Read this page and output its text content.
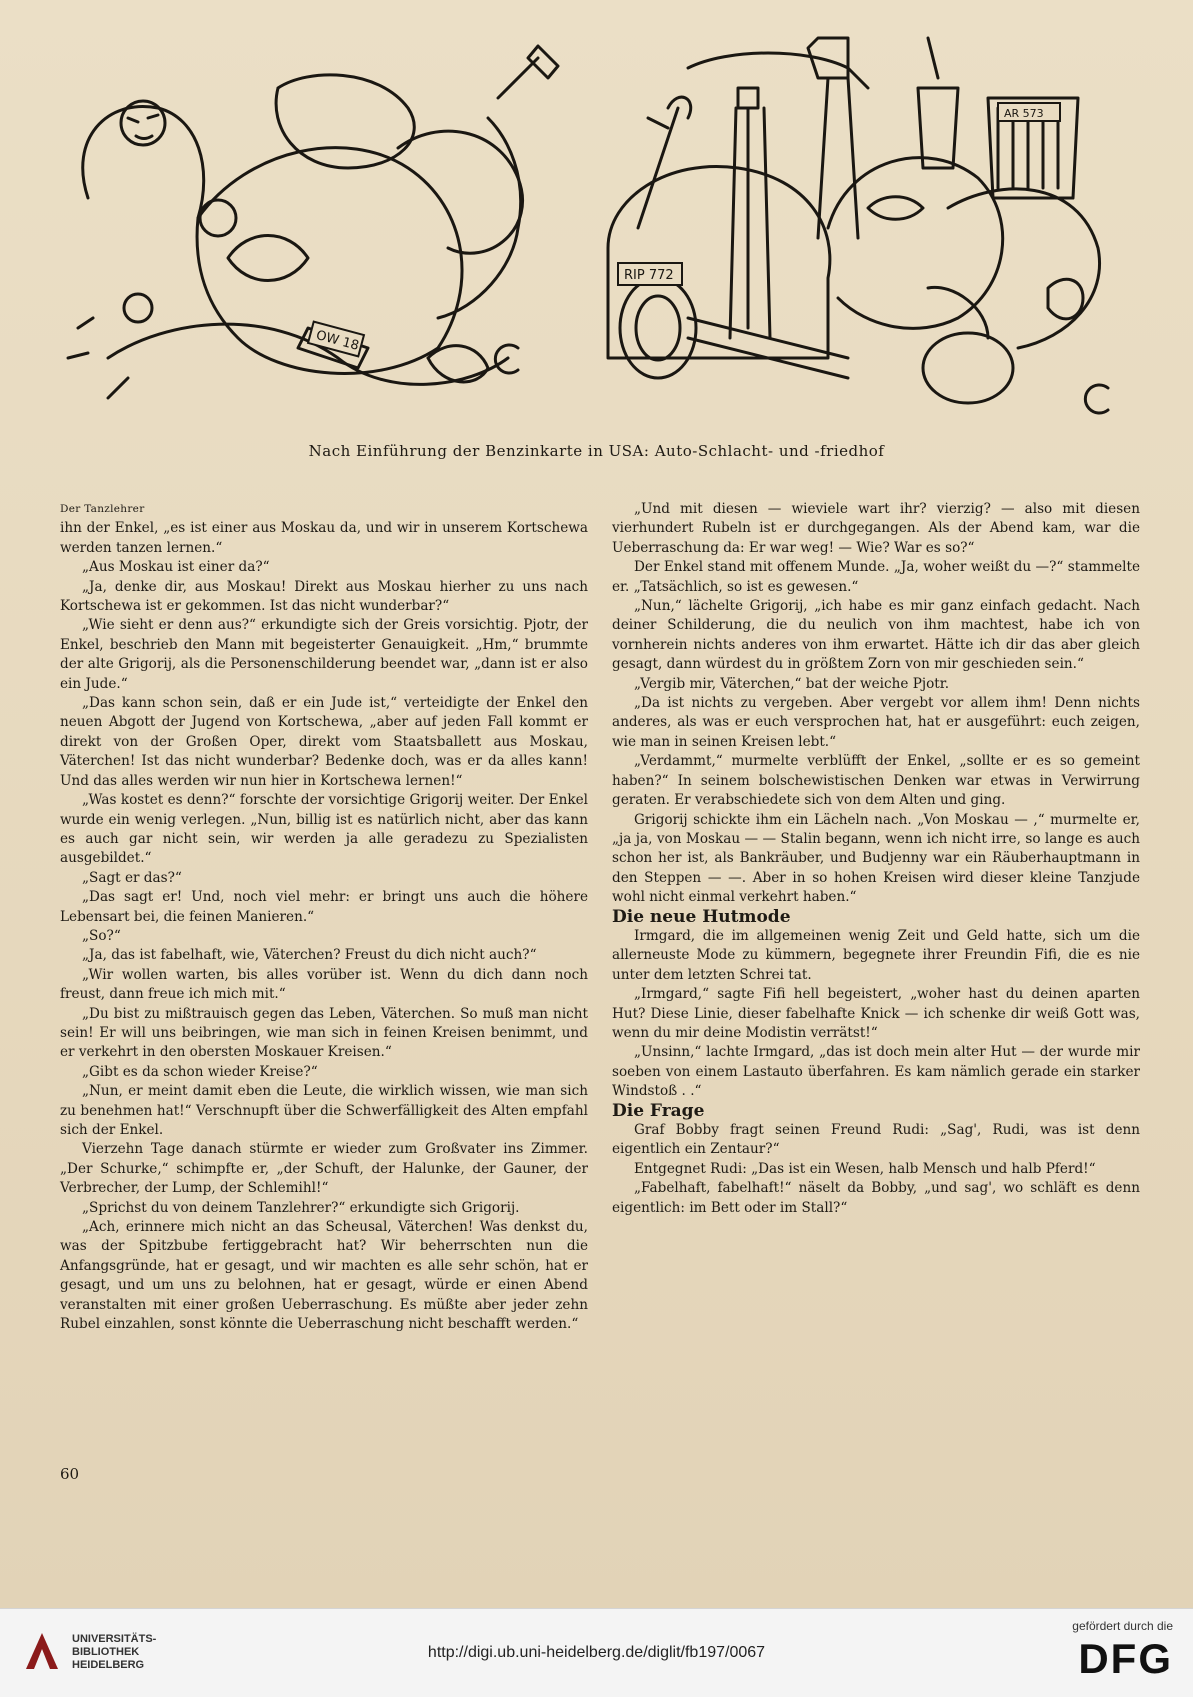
OW 18
RIP 772
AR 573
Nach Einführung der Benzinkarte in USA: Auto-Schlacht- und -friedhof

Der Tanzlehrer

ihn der Enkel, „es ist einer aus Moskau da, und wir in unserem Kortschewa werden tanzen lernen.“

„Aus Moskau ist einer da?“

„Ja, denke dir, aus Moskau! Direkt aus Moskau hierher zu uns nach Kortschewa ist er gekommen. Ist das nicht wunderbar?“

„Wie sieht er denn aus?“ erkundigte sich der Greis vorsichtig. Pjotr, der Enkel, beschrieb den Mann mit begeisterter Genauigkeit. „Hm,“ brummte der alte Grigorij, als die Personenschilderung beendet war, „dann ist er also ein Jude.“

„Das kann schon sein, daß er ein Jude ist,“ verteidigte der Enkel den neuen Abgott der Jugend von Kortschewa, „aber auf jeden Fall kommt er direkt von der Großen Oper, direkt vom Staatsballett aus Moskau, Väterchen! Ist das nicht wunderbar? Bedenke doch, was er da alles kann! Und das alles werden wir nun hier in Kortschewa lernen!“

„Was kostet es denn?“ forschte der vorsichtige Grigorij weiter. Der Enkel wurde ein wenig verlegen. „Nun, billig ist es natürlich nicht, aber das kann es auch gar nicht sein, wir werden ja alle geradezu zu Spezialisten ausgebildet.“

„Sagt er das?“

„Das sagt er! Und, noch viel mehr: er bringt uns auch die höhere Lebensart bei, die feinen Manieren.“

„So?“

„Ja, das ist fabelhaft, wie, Väterchen? Freust du dich nicht auch?“

„Wir wollen warten, bis alles vorüber ist. Wenn du dich dann noch freust, dann freue ich mich mit.“

„Du bist zu mißtrauisch gegen das Leben, Väterchen. So muß man nicht sein! Er will uns beibringen, wie man sich in feinen Kreisen benimmt, und er verkehrt in den obersten Moskauer Kreisen.“

„Gibt es da schon wieder Kreise?“

„Nun, er meint damit eben die Leute, die wirklich wissen, wie man sich zu benehmen hat!“ Verschnupft über die Schwerfälligkeit des Alten empfahl sich der Enkel.

Vierzehn Tage danach stürmte er wieder zum Großvater ins Zimmer. „Der Schurke,“ schimpfte er, „der Schuft, der Halunke, der Gauner, der Verbrecher, der Lump, der Schlemihl!“

„Sprichst du von deinem Tanzlehrer?“ erkundigte sich Grigorij.

„Ach, erinnere mich nicht an das Scheusal, Väterchen! Was denkst du, was der Spitzbube fertiggebracht hat? Wir beherrschten nun die Anfangsgründe, hat er gesagt, und wir machten es alle sehr schön, hat er gesagt, und um uns zu belohnen, hat er gesagt, würde er einen Abend veranstalten mit einer großen Ueberraschung. Es müßte aber jeder zehn Rubel einzahlen, sonst könnte die Ueberraschung nicht beschafft werden.“

60

„Und mit diesen — wieviele wart ihr? vierzig? — also mit diesen vierhundert Rubeln ist er durchgegangen. Als der Abend kam, war die Ueberraschung da: Er war weg! — Wie? War es so?“

Der Enkel stand mit offenem Munde. „Ja, woher weißt du —?“ stammelte er. „Tatsächlich, so ist es gewesen.“

„Nun,“ lächelte Grigorij, „ich habe es mir ganz einfach gedacht. Nach deiner Schilderung, die du neulich von ihm machtest, habe ich von vornherein nichts anderes von ihm erwartet. Hätte ich dir das aber gleich gesagt, dann würdest du in größtem Zorn von mir geschieden sein.“

„Vergib mir, Väterchen,“ bat der weiche Pjotr.

„Da ist nichts zu vergeben. Aber vergebt vor allem ihm! Denn nichts anderes, als was er euch versprochen hat, hat er ausgeführt: euch zeigen, wie man in seinen Kreisen lebt.“

„Verdammt,“ murmelte verblüfft der Enkel, „sollte er es so gemeint haben?“ In seinem bolschewistischen Denken war etwas in Verwirrung geraten. Er verabschiedete sich von dem Alten und ging.

Grigorij schickte ihm ein Lächeln nach. „Von Moskau — ,“ murmelte er, „ja ja, von Moskau — — Stalin begann, wenn ich nicht irre, so lange es auch schon her ist, als Bankräuber, und Budjenny war ein Räuberhauptmann in den Steppen — —. Aber in so hohen Kreisen wird dieser kleine Tanzjude wohl nicht einmal verkehrt haben.“

Die neue Hutmode

Irmgard, die im allgemeinen wenig Zeit und Geld hatte, sich um die allerneuste Mode zu kümmern, begegnete ihrer Freundin Fifi, die es nie unter dem letzten Schrei tat.

„Irmgard,“ sagte Fifi hell begeistert, „woher hast du deinen aparten Hut? Diese Linie, dieser fabelhafte Knick — ich schenke dir weiß Gott was, wenn du mir deine Modistin verrätst!“

„Unsinn,“ lachte Irmgard, „das ist doch mein alter Hut — der wurde mir soeben von einem Lastauto überfahren. Es kam nämlich gerade ein starker Windstoß . .“

Die Frage

Graf Bobby fragt seinen Freund Rudi: „Sag', Rudi, was ist denn eigentlich ein Zentaur?“

Entgegnet Rudi: „Das ist ein Wesen, halb Mensch und halb Pferd!“

„Fabelhaft, fabelhaft!“ näselt da Bobby, „und sag', wo schläft es denn eigentlich: im Bett oder im Stall?“

UNIVERSITÄTS-
BIBLIOTHEK
HEIDELBERG
http://digi.ub.uni-heidelberg.de/diglit/fb197/0067
gefördert durch die
DFG
